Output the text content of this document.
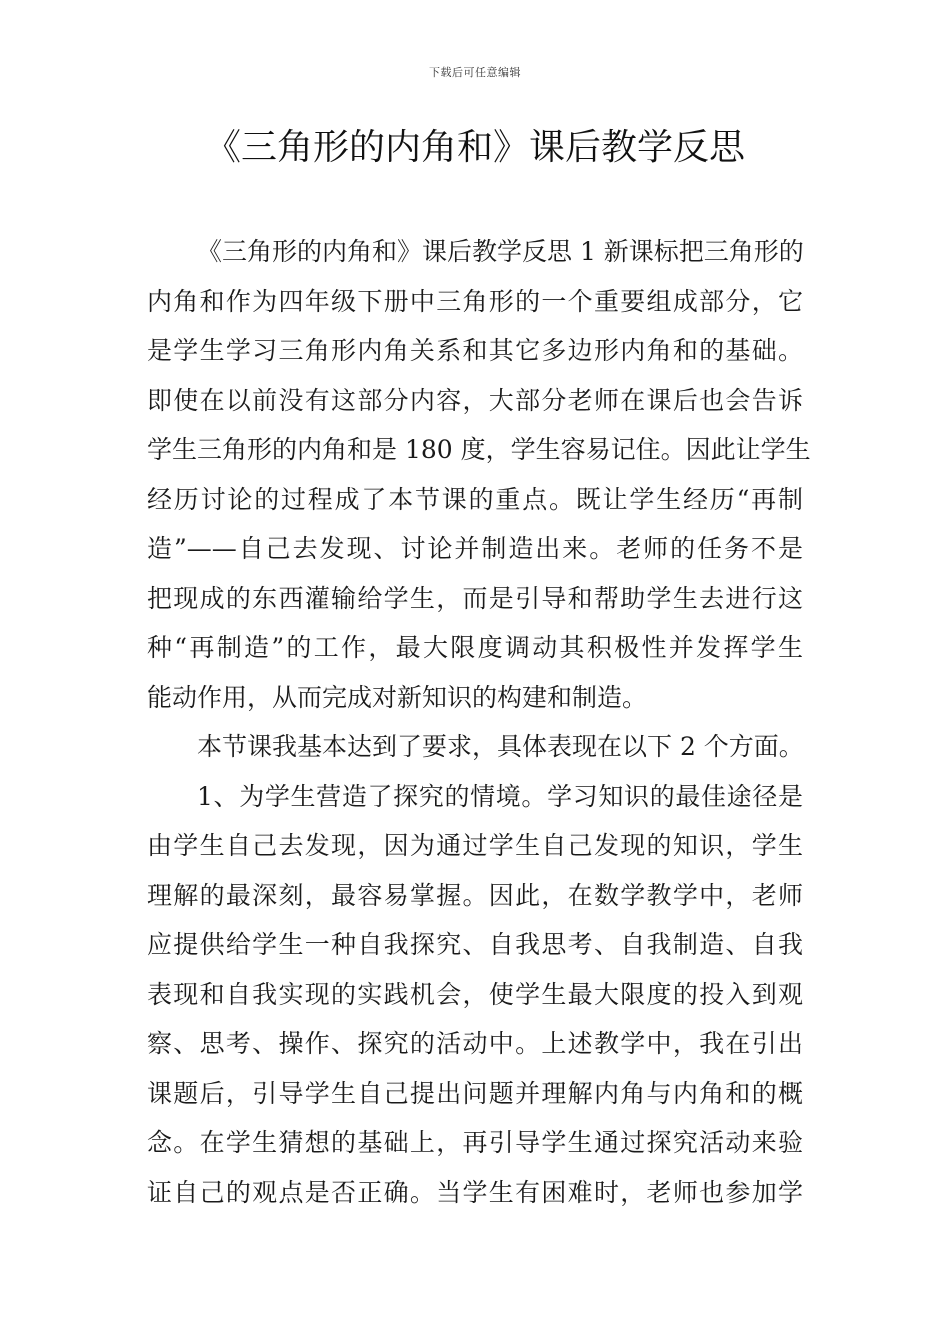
下载后可任意编辑
《三角形的内角和》课后教学反思
《三角形的内角和》课后教学反思 1 新课标把三角形的
内角和作为四年级下册中三角形的一个重要组成部分，它
是学生学习三角形内角关系和其它多边形内角和的基础。
即使在以前没有这部分内容，大部分老师在课后也会告诉
学生三角形的内角和是 180 度，学生容易记住。因此让学生
经历讨论的过程成了本节课的重点。既让学生经历“再制
造”——自己去发现、讨论并制造出来。老师的任务不是
把现成的东西灌输给学生，而是引导和帮助学生去进行这
种“再制造”的工作，最大限度调动其积极性并发挥学生
能动作用，从而完成对新知识的构建和制造。
本节课我基本达到了要求，具体表现在以下 2 个方面。
1、为学生营造了探究的情境。学习知识的最佳途径是
由学生自己去发现，因为通过学生自己发现的知识，学生
理解的最深刻，最容易掌握。因此，在数学教学中，老师
应提供给学生一种自我探究、自我思考、自我制造、自我
表现和自我实现的实践机会，使学生最大限度的投入到观
察、思考、操作、探究的活动中。上述教学中，我在引出
课题后，引导学生自己提出问题并理解内角与内角和的概
念。在学生猜想的基础上，再引导学生通过探究活动来验
证自己的观点是否正确。当学生有困难时，老师也参加学
